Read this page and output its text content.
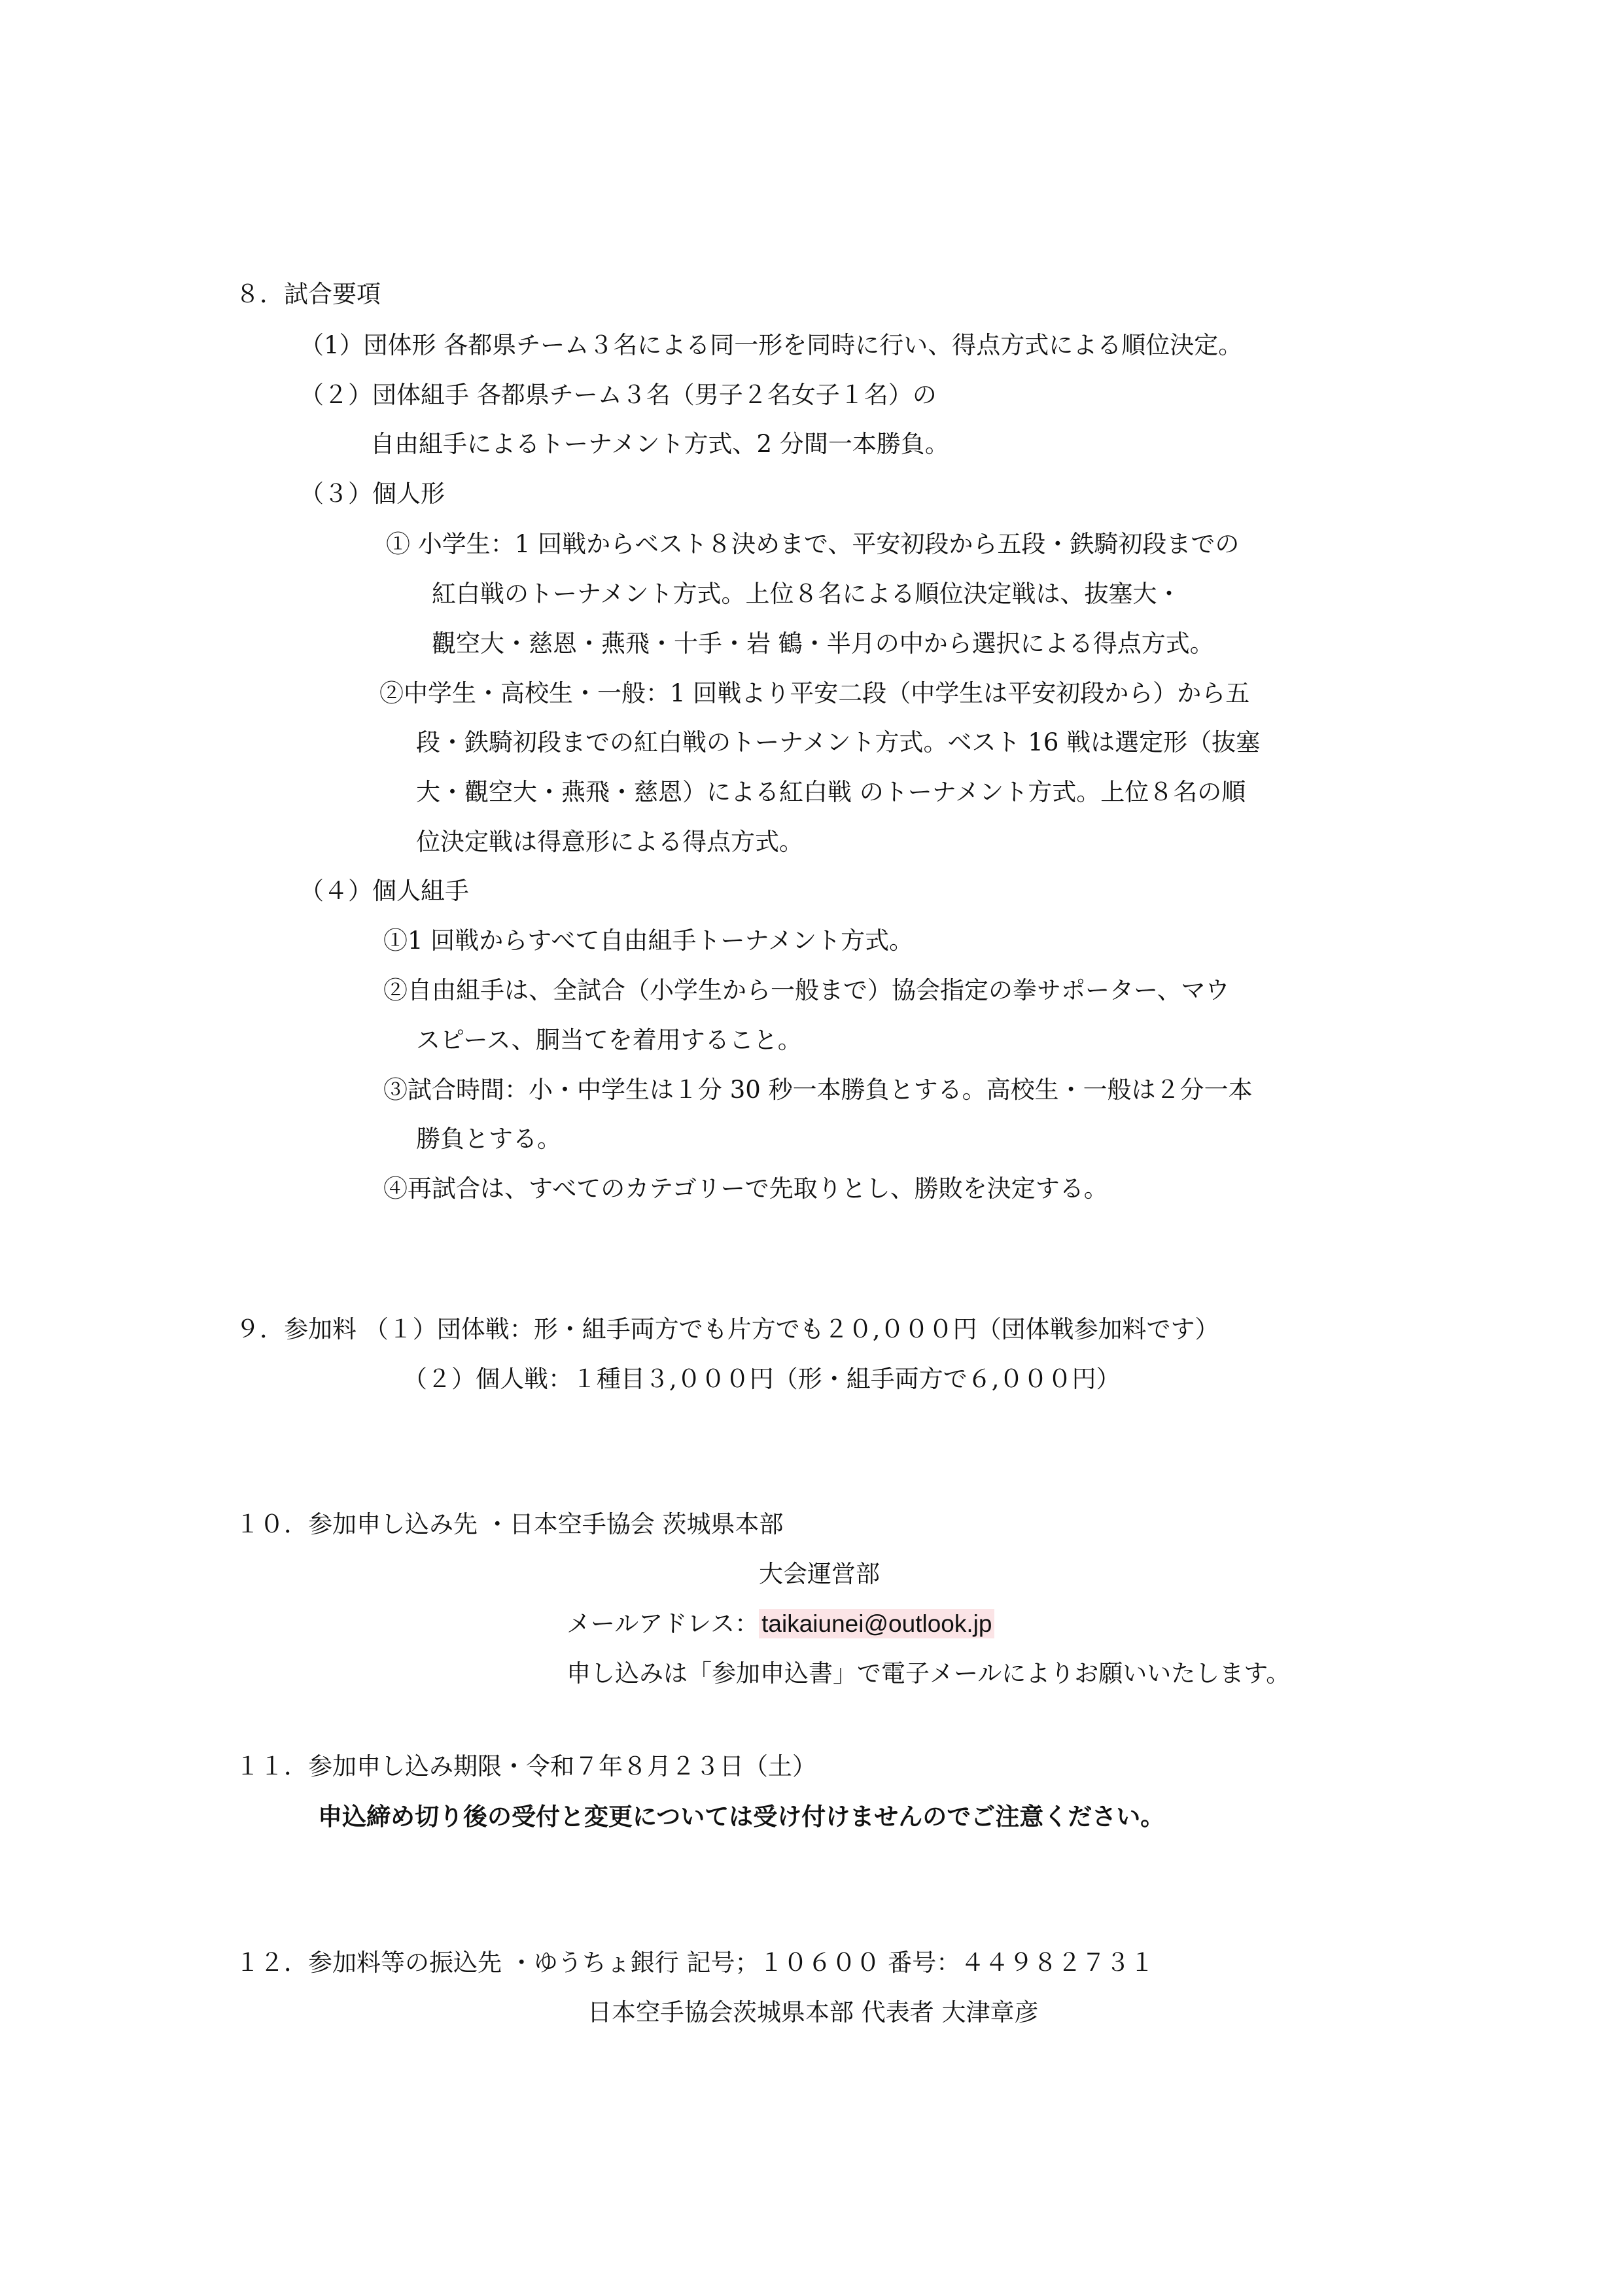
８．試合要項
（1）団体形 各都県チーム３名による同一形を同時に行い、得点方式による順位決定。
（２）団体組手 各都県チーム３名（男子２名女子１名）の
自由組手によるトーナメント方式、2 分間一本勝負。
（３）個人形
① 小学生：1 回戦からベスト８決めまで、平安初段から五段・鉄騎初段までの
紅白戦のトーナメント方式。上位８名による順位決定戦は、抜塞大・
觀空大・慈恩・燕飛・十手・岩 鶴・半月の中から選択による得点方式。
②中学生・高校生・一般：1 回戦より平安二段（中学生は平安初段から）から五
段・鉄騎初段までの紅白戦のトーナメント方式。ベスト 16 戦は選定形（抜塞
大・觀空大・燕飛・慈恩）による紅白戦 のトーナメント方式。上位８名の順
位決定戦は得意形による得点方式。
（４）個人組手
①1 回戦からすべて自由組手トーナメント方式。
②自由組手は、全試合（小学生から一般まで）協会指定の拳サポーター、マウ
スピース、胴当てを着用すること。
③試合時間：小・中学生は１分 30 秒一本勝負とする。高校生・一般は２分一本
勝負とする。
④再試合は、すべてのカテゴリーで先取りとし、勝敗を決定する。
９．参加料 （１）団体戦：形・組手両方でも片方でも２０,０００円（団体戦参加料です）
（２）個人戦：１種目３,０００円（形・組手両方で６,０００円）
１０．参加申し込み先 ・日本空手協会 茨城県本部
大会運営部
メールアドレス： taikaiunei@outlook.jp
申し込みは「参加申込書」で電子メールによりお願いいたします。
１１．参加申し込み期限・令和７年８月２３日（土）
申込締め切り後の受付と変更については受け付けませんのでご注意ください。
１２．参加料等の振込先 ・ゆうちょ銀行 記号；１０６００ 番号：４４９８２７３１
日本空手協会茨城県本部 代表者 大津章彦
